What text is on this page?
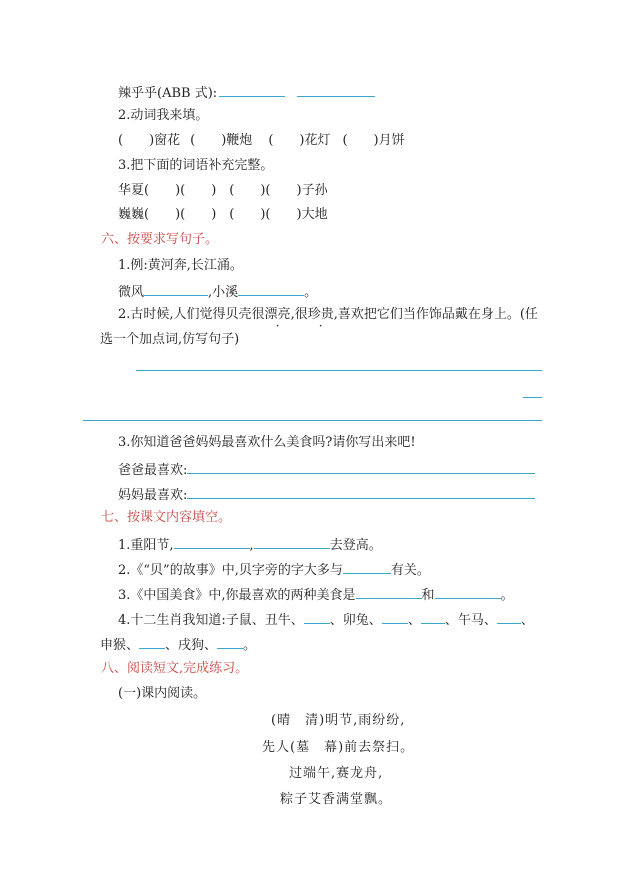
辣乎乎(ABB 式):
2.动词我来填。
(　　)窗花 (　　)鞭炮 (　　)花灯 (　　)月饼
3.把下面的词语补充完整。
华夏(　　)(　　)　(　　)(　　)子孙
巍巍(　　)(　　)　(　　)(　　)大地
六、按要求写句子。
1.例:黄河奔,长江涌。
微风	,小溪	。
2.古时候,人们觉得贝壳很漂亮,很珍贵,喜欢把它们当作饰品戴在身上。(任
选一个加点词,仿写句子)
3.你知道爸爸妈妈最喜欢什么美食吗?请你写出来吧!
爸爸最喜欢:
妈妈最喜欢:
七、按课文内容填空。
1.重阳节,	,	去登高。
2.《“贝”的故事》中,贝字旁的字大多与	有关。
3.《中国美食》中,你最喜欢的两种美食是	和	。
4.十二生肖我知道:子鼠、丑牛、 、卯兔、 、 、午马、 、
申猴、 、戌狗、 。
八、阅读短文,完成练习。
(一)课内阅读。
(晴　清)明节,雨纷纷,
先人(墓　幕)前去祭扫。
过端午,赛龙舟,
粽子艾香满堂飘。
